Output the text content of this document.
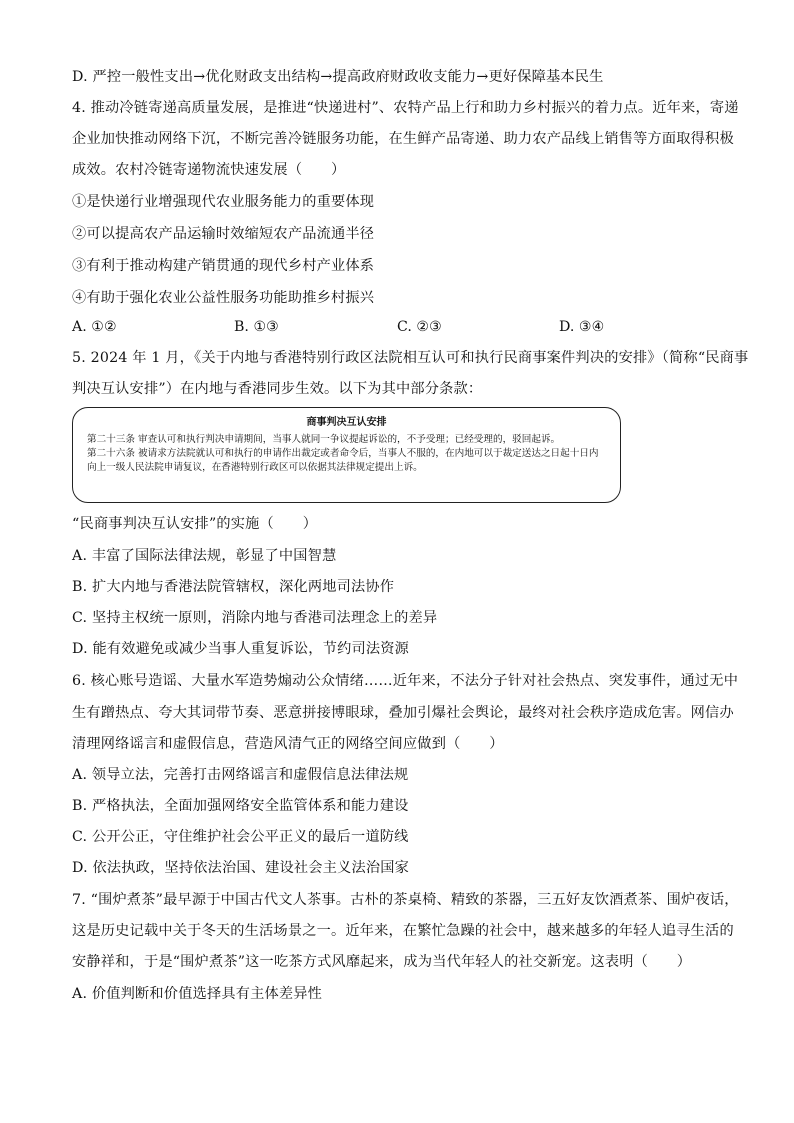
D. 严控一般性支出→优化财政支出结构→提高政府财政收支能力→更好保障基本民生
4. 推动冷链寄递高质量发展，是推进“快递进村”、农特产品上行和助力乡村振兴的着力点。近年来，寄递
企业加快推动网络下沉，不断完善冷链服务功能，在生鲜产品寄递、助力农产品线上销售等方面取得积极
成效。农村冷链寄递物流快速发展（　　）
①是快递行业增强现代农业服务能力的重要体现
②可以提高农产品运输时效缩短农产品流通半径
③有利于推动构建产销贯通的现代乡村产业体系
④有助于强化农业公益性服务功能助推乡村振兴
A. ①②	B. ①③	C. ②③	D. ③④
5. 2024 年 1 月，《关于内地与香港特别行政区法院相互认可和执行民商事案件判决的安排》（简称“民商事
判决互认安排”）在内地与香港同步生效。以下为其中部分条款：
商事判决互认安排
第二十三条 审查认可和执行判决申请期间，当事人就同一争议提起诉讼的，不予受理；已经受理的，驳回起诉。
第二十六条 被请求方法院就认可和执行的申请作出裁定或者命令后，当事人不服的，在内地可以于裁定送达之日起十日内向上一级人民法院申请复议，在香港特别行政区可以依据其法律规定提出上诉。
“民商事判决互认安排”的实施（　　）
A. 丰富了国际法律法规，彰显了中国智慧
B. 扩大内地与香港法院管辖权，深化两地司法协作
C. 坚持主权统一原则，消除内地与香港司法理念上的差异
D. 能有效避免或减少当事人重复诉讼，节约司法资源
6. 核心账号造谣、大量水军造势煽动公众情绪……近年来，不法分子针对社会热点、突发事件，通过无中
生有蹭热点、夸大其词带节奏、恶意拼接博眼球，叠加引爆社会舆论，最终对社会秩序造成危害。网信办
清理网络谣言和虚假信息，营造风清气正的网络空间应做到（　　）
A. 领导立法，完善打击网络谣言和虚假信息法律法规
B. 严格执法，全面加强网络安全监管体系和能力建设
C. 公开公正，守住维护社会公平正义的最后一道防线
D. 依法执政，坚持依法治国、建设社会主义法治国家
7. “围炉煮茶”最早源于中国古代文人茶事。古朴的茶桌椅、精致的茶器，三五好友饮酒煮茶、围炉夜话，
这是历史记载中关于冬天的生活场景之一。近年来，在繁忙急躁的社会中，越来越多的年轻人追寻生活的
安静祥和，于是“围炉煮茶”这一吃茶方式风靡起来，成为当代年轻人的社交新宠。这表明（　　）
A. 价值判断和价值选择具有主体差异性
